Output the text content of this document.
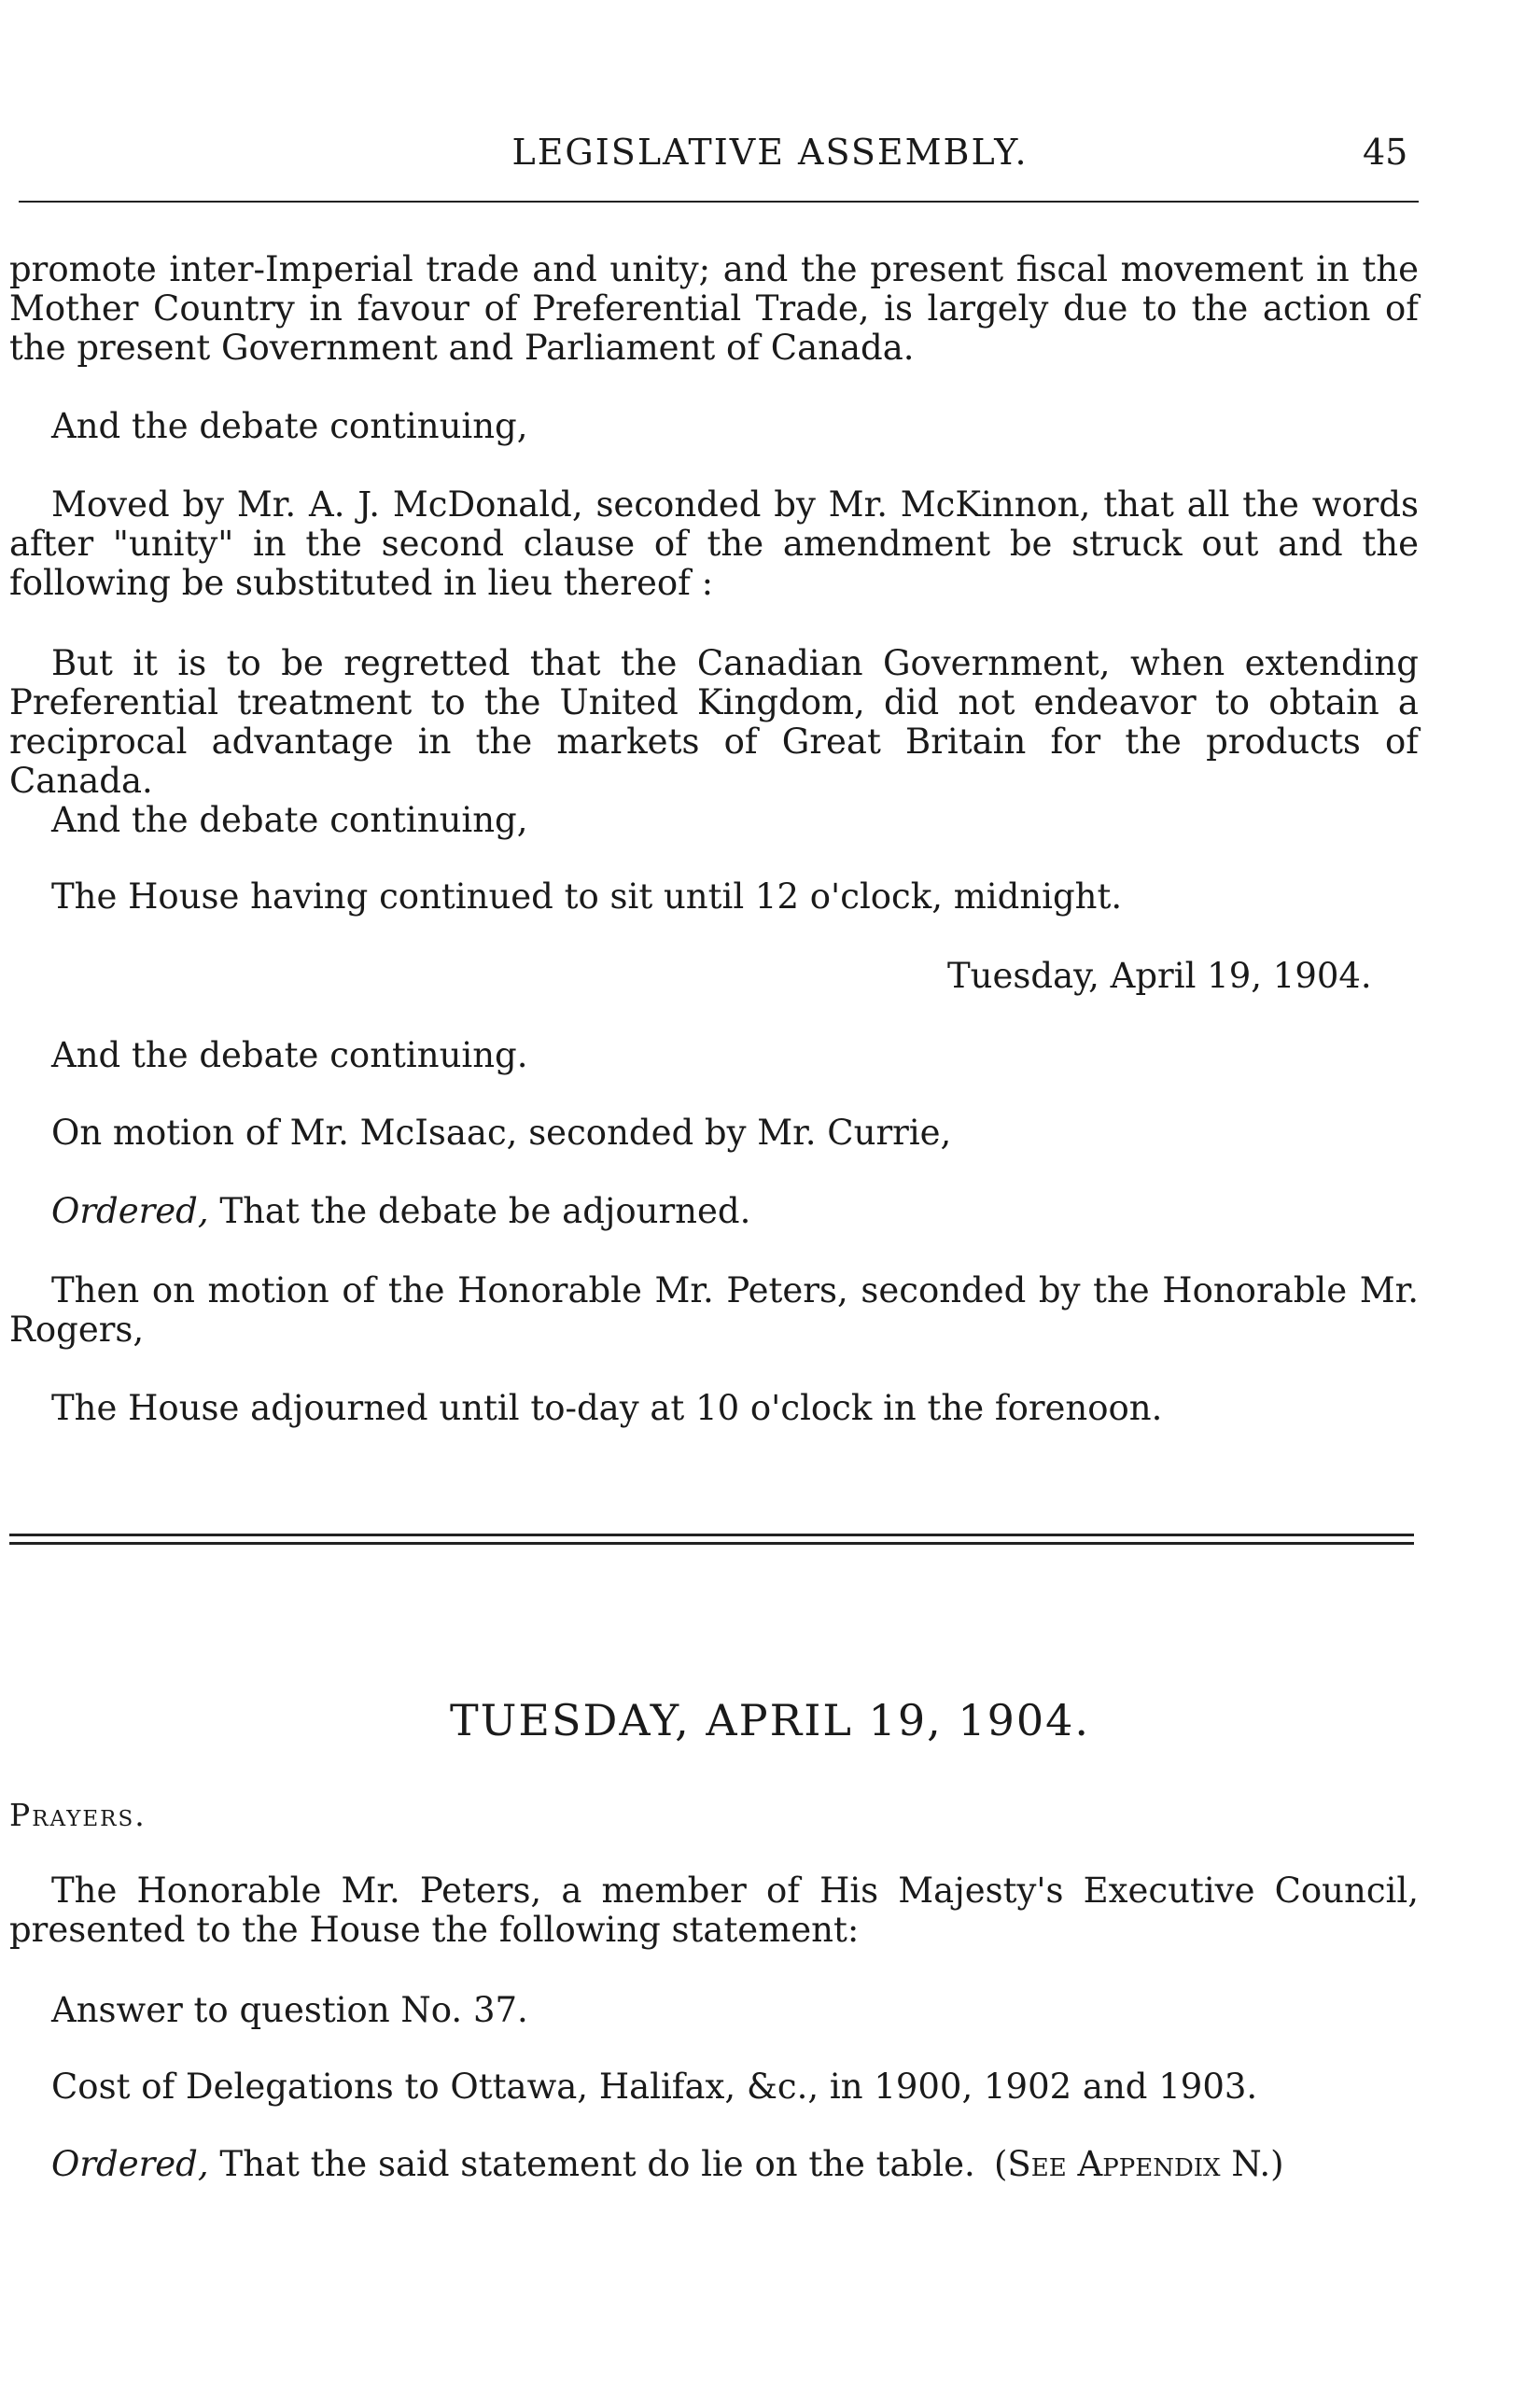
LEGISLATIVE ASSEMBLY.	45

promote inter-Imperial trade and unity; and the present fiscal movement in the Mother Country in favour of Preferential Trade, is largely due to the action of the present Government and Parliament of Canada.

And the debate continuing,

Moved by Mr. A. J. McDonald, seconded by Mr. McKinnon, that all the words after "unity" in the second clause of the amendment be struck out and the following be substituted in lieu thereof :

But it is to be regretted that the Canadian Government, when extending Preferential treatment to the United Kingdom, did not endeavor to obtain a reciprocal advantage in the markets of Great Britain for the products of Canada.

And the debate continuing,
The House having continued to sit until 12 o'clock, midnight.
Tuesday, April 19, 1904.
And the debate continuing.
On motion of Mr. McIsaac, seconded by Mr. Currie,
Ordered, That the debate be adjourned.

Then on motion of the Honorable Mr. Peters, seconded by the Honorable Mr. Rogers,

The House adjourned until to-day at 10 o'clock in the forenoon.
TUESDAY, APRIL 19, 1904.
Prayers.

The Honorable Mr. Peters, a member of His Majesty's Executive Council, presented to the House the following statement:

Answer to question No. 37.
Cost of Delegations to Ottawa, Halifax, &c., in 1900, 1902 and 1903.
Ordered, That the said statement do lie on the table. (See Appendix N.)
